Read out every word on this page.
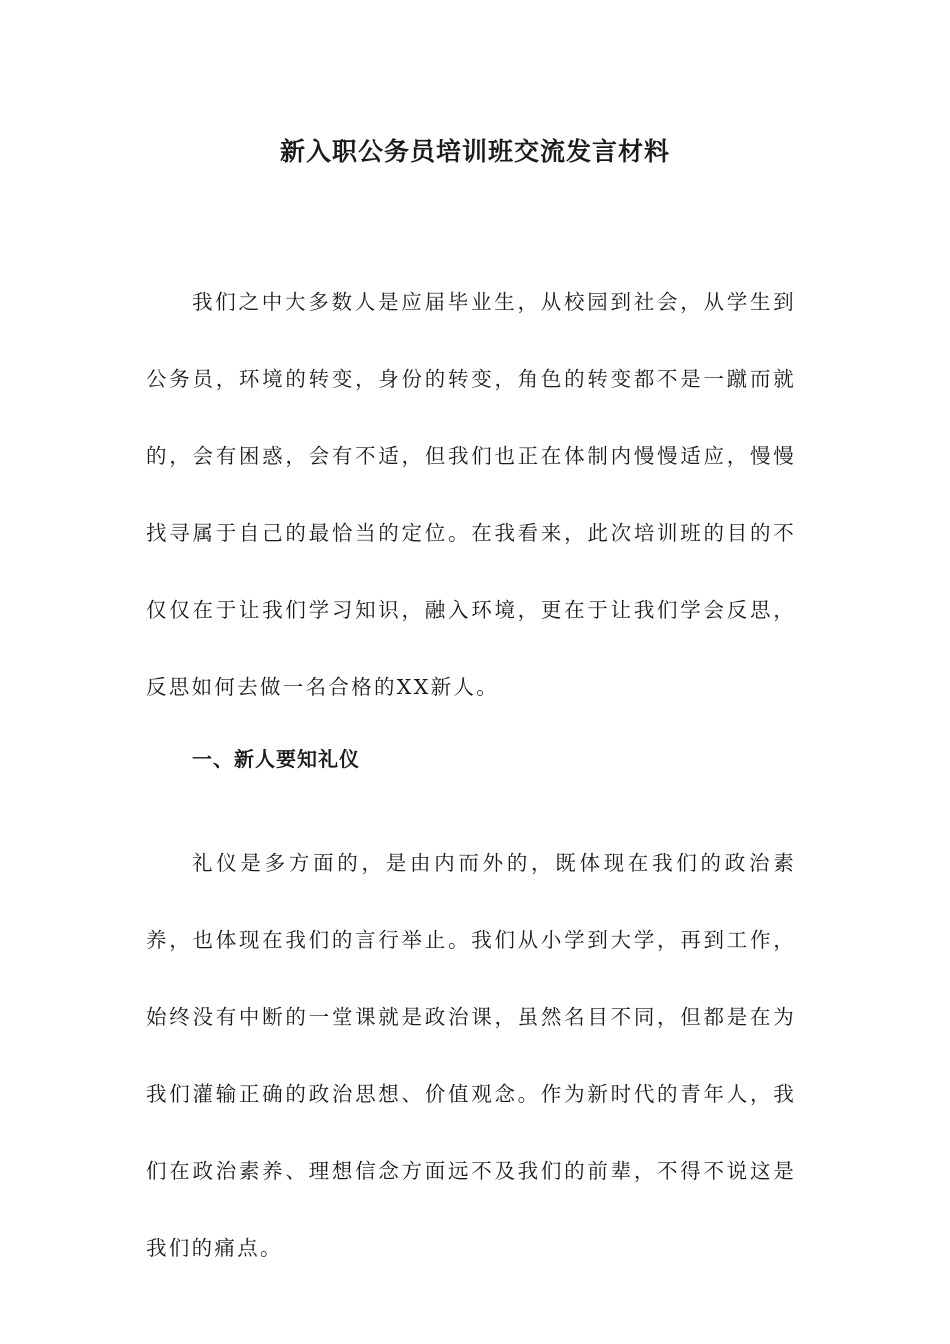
新入职公务员培训班交流发言材料

我们之中大多数人是应届毕业生，从校园到社会，从学生到公务员，环境的转变，身份的转变，角色的转变都不是一蹴而就的，会有困惑，会有不适，但我们也正在体制内慢慢适应，慢慢找寻属于自己的最恰当的定位。在我看来，此次培训班的目的不仅仅在于让我们学习知识，融入环境，更在于让我们学会反思，反思如何去做一名合格的XX新人。

一、新人要知礼仪

礼仪是多方面的，是由内而外的，既体现在我们的政治素养，也体现在我们的言行举止。我们从小学到大学，再到工作，始终没有中断的一堂课就是政治课，虽然名目不同，但都是在为我们灌输正确的政治思想、价值观念。作为新时代的青年人，我们在政治素养、理想信念方面远不及我们的前辈，不得不说这是我们的痛点。
